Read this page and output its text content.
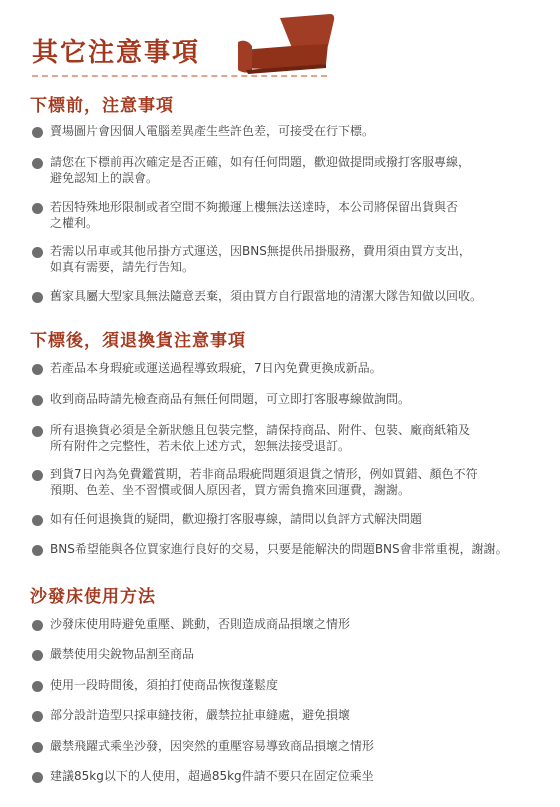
其它注意事項
下標前，注意事項
賣場圖片會因個人電腦差異產生些許色差，可接受在行下標。
請您在下標前再次確定是否正確，如有任何問題，歡迎做提問或撥打客服專線，
避免認知上的誤會。
若因特殊地形限制或者空間不夠搬運上樓無法送達時，本公司將保留出貨與否
之權利。
若需以吊車或其他吊掛方式運送，因BNS無提供吊掛服務，費用須由買方支出，
如真有需要，請先行告知。
舊家具屬大型家具無法隨意丟棄，須由買方自行跟當地的清潔大隊告知做以回收。
下標後，須退換貨注意事項
若產品本身瑕疵或運送過程導致瑕疵，7日內免費更換成新品。
收到商品時請先檢查商品有無任何問題，可立即打客服專線做詢問。
所有退換貨必須是全新狀態且包裝完整，請保持商品、附件、包裝、廠商紙箱及
所有附件之完整性，若未依上述方式，恕無法接受退訂。
到貨7日內為免費鑑賞期，若非商品瑕疵問題須退貨之情形，例如買錯、顏色不符
預期、色差、坐不習慣或個人原因者，買方需負擔來回運費，謝謝。
如有任何退換貨的疑問，歡迎撥打客服專線，請問以負評方式解決問題
BNS希望能與各位買家進行良好的交易，只要是能解決的問題BNS會非常重視，謝謝。
沙發床使用方法
沙發床使用時避免重壓、跳動，否則造成商品損壞之情形
嚴禁使用尖銳物品割至商品
使用一段時間後，須拍打使商品恢復蓬鬆度
部分設計造型只採車縫技術，嚴禁拉扯車縫處，避免損壞
嚴禁飛躍式乘坐沙發，因突然的重壓容易導致商品損壞之情形
建議85kg以下的人使用，超過85kg件請不要只在固定位乘坐
